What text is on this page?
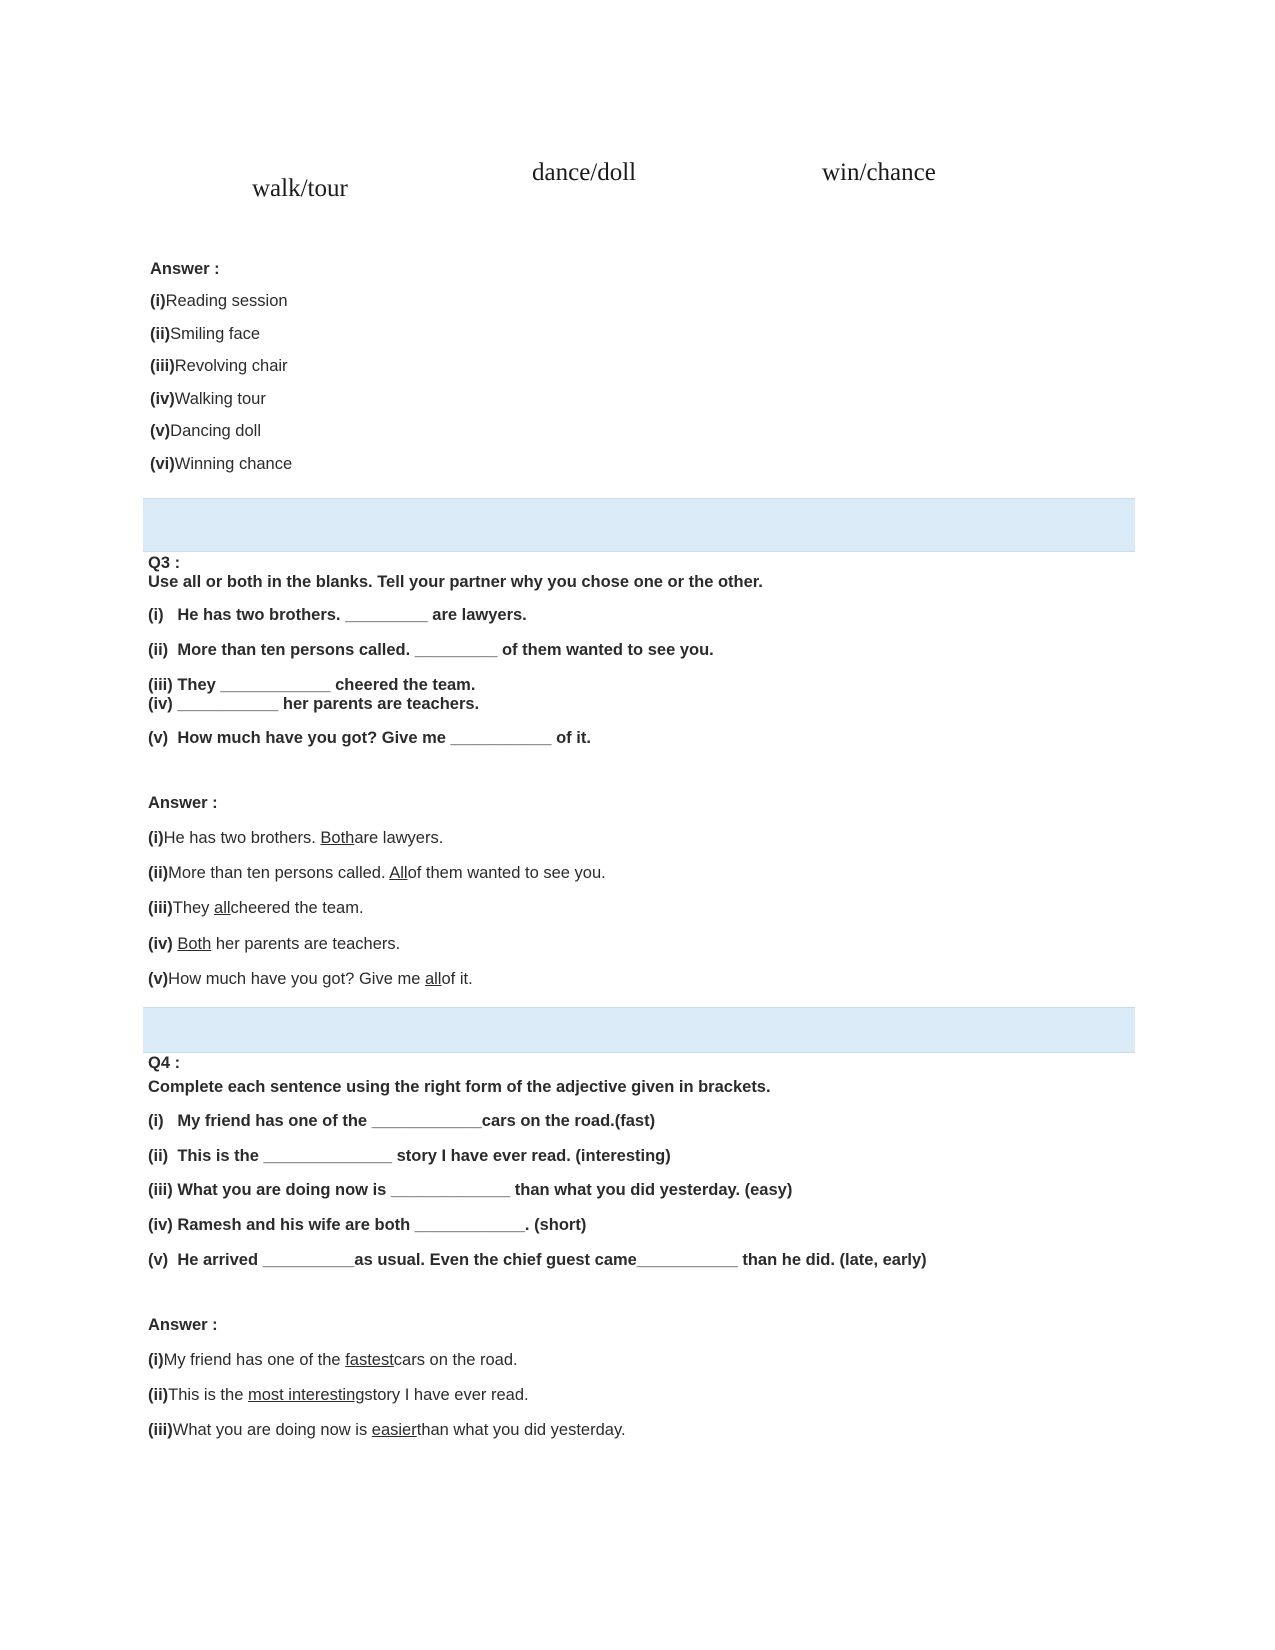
walk/tour
dance/doll	win/chance
Answer :
(i)Reading session
(ii)Smiling face
(iii)Revolving chair
(iv)Walking tour
(v)Dancing doll
(vi)Winning chance
Q3 :
Use all or both in the blanks. Tell your partner why you chose one or the other.
(i)   He has two brothers. _________ are lawyers.
(ii)  More than ten persons called. _________ of them wanted to see you.
(iii) They ____________ cheered the team.
(iv) ___________ her parents are teachers.
(v)  How much have you got? Give me ___________ of it.
Answer :
(i)He has two brothers. Bothare lawyers.
(ii)More than ten persons called. Allof them wanted to see you.
(iii)They allcheered the team.
(iv) Both her parents are teachers.
(v)How much have you got? Give me allof it.
Q4 :
Complete each sentence using the right form of the adjective given in brackets.
(i)   My friend has one of the ____________cars on the road.(fast)
(ii)  This is the ______________ story I have ever read. (interesting)
(iii) What you are doing now is _____________ than what you did yesterday. (easy)
(iv) Ramesh and his wife are both ____________. (short)
(v)  He arrived __________as usual. Even the chief guest came___________ than he did. (late, early)
Answer :
(i)My friend has one of the fastestcars on the road.
(ii)This is the most interestingstory I have ever read.
(iii)What you are doing now is easierthan what you did yesterday.
